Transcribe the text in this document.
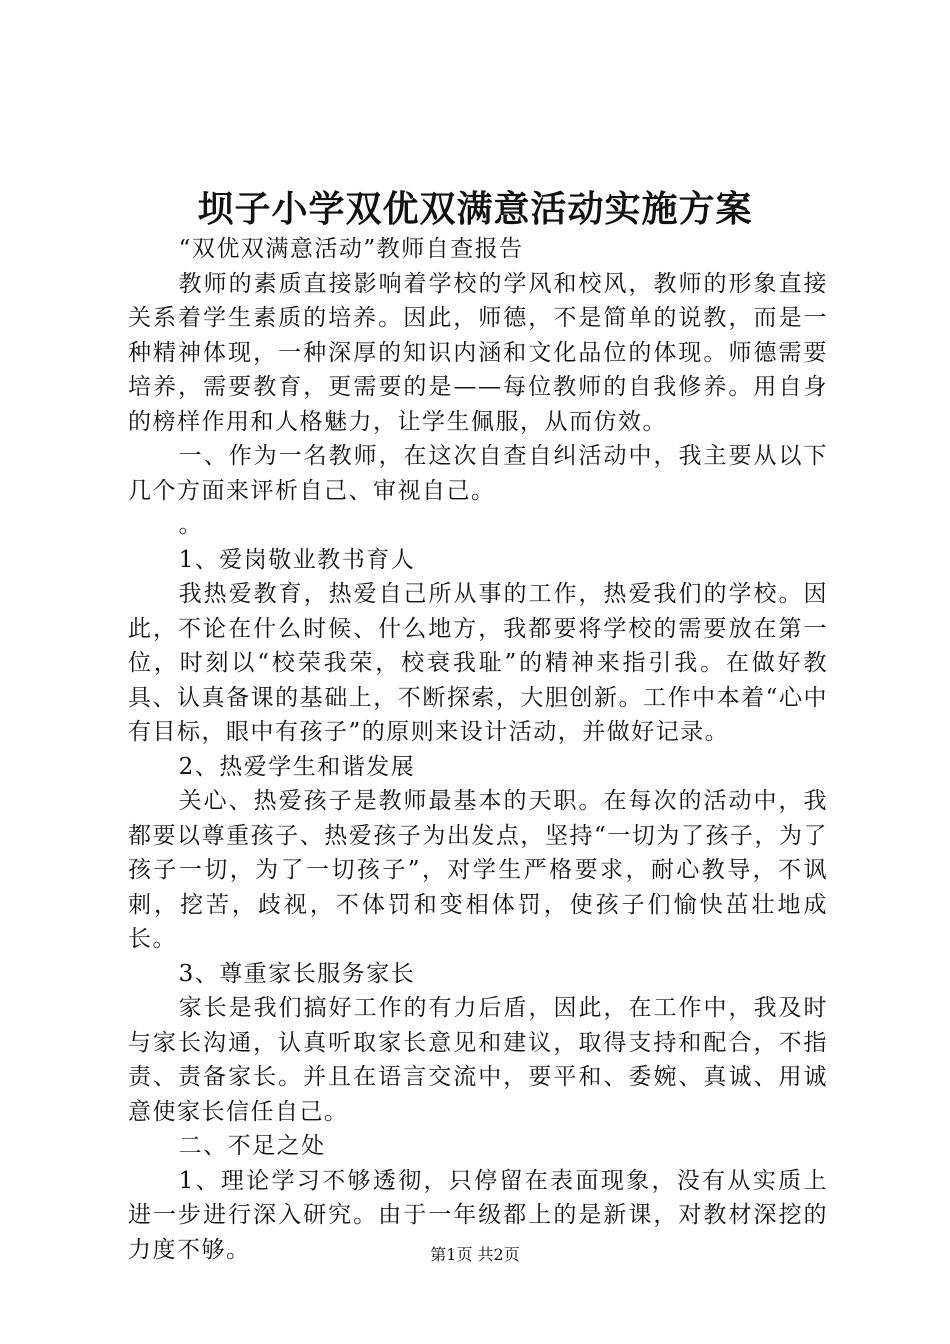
坝子小学双优双满意活动实施方案

“双优双满意活动”教师自查报告

教师的素质直接影响着学校的学风和校风，教师的形象直接关系着学生素质的培养。因此，师德，不是简单的说教，而是一种精神体现，一种深厚的知识内涵和文化品位的体现。师德需要培养，需要教育，更需要的是——每位教师的自我修养。用自身的榜样作用和人格魅力，让学生佩服，从而仿效。

一、作为一名教师，在这次自查自纠活动中，我主要从以下几个方面来评析自己、审视自己。

。

1、爱岗敬业教书育人

我热爱教育，热爱自己所从事的工作，热爱我们的学校。因此，不论在什么时候、什么地方，我都要将学校的需要放在第一位，时刻以“校荣我荣，校衰我耻”的精神来指引我。在做好教具、认真备课的基础上，不断探索，大胆创新。工作中本着“心中有目标，眼中有孩子”的原则来设计活动，并做好记录。

2、热爱学生和谐发展

关心、热爱孩子是教师最基本的天职。在每次的活动中，我都要以尊重孩子、热爱孩子为出发点，坚持“一切为了孩子，为了孩子一切，为了一切孩子”，对学生严格要求，耐心教导，不讽刺，挖苦，歧视，不体罚和变相体罚，使孩子们愉快茁壮地成长。

3、尊重家长服务家长

家长是我们搞好工作的有力后盾，因此，在工作中，我及时与家长沟通，认真听取家长意见和建议，取得支持和配合，不指责、责备家长。并且在语言交流中，要平和、委婉、真诚、用诚意使家长信任自己。

二、不足之处

1、理论学习不够透彻，只停留在表面现象，没有从实质上进一步进行深入研究。由于一年级都上的是新课，对教材深挖的力度不够。	第1页 共2页
